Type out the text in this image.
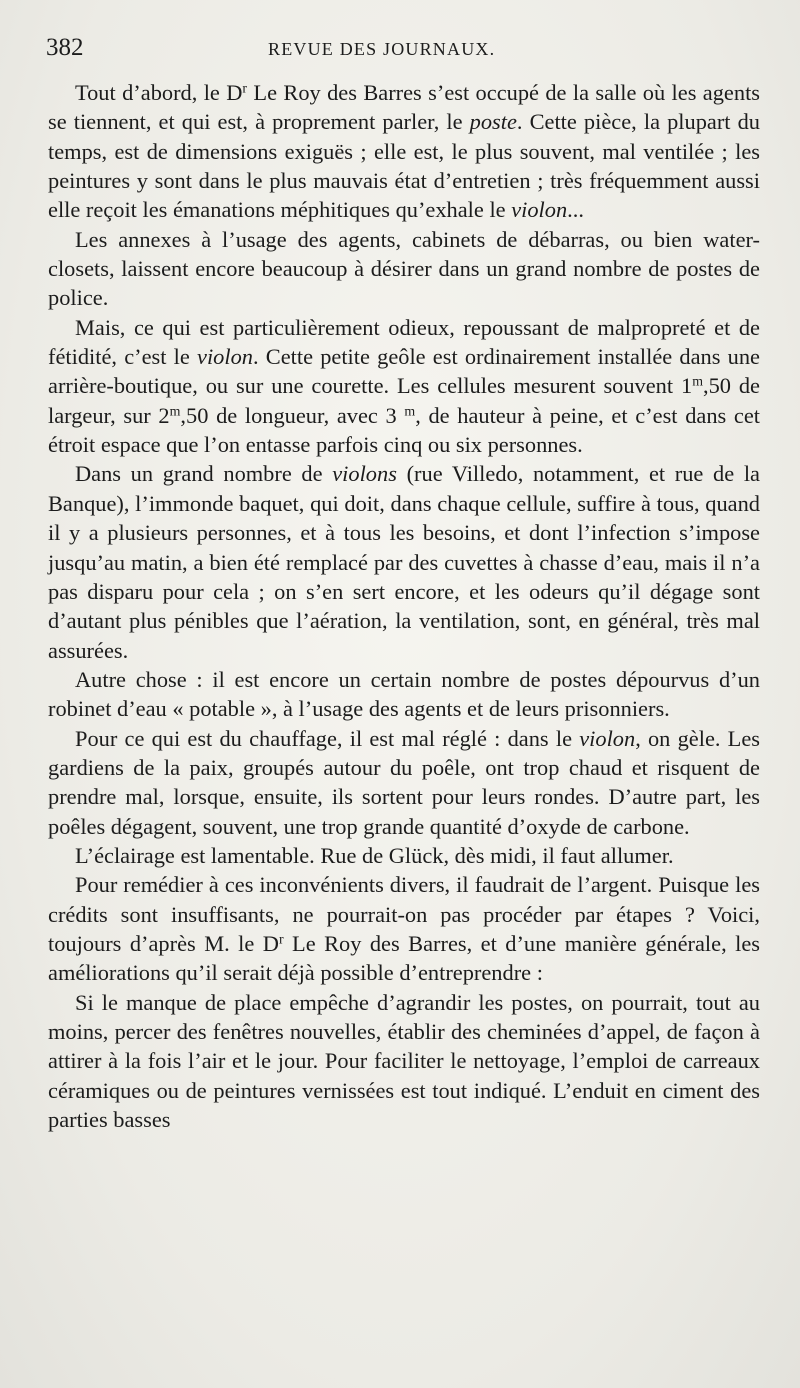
382	REVUE DES JOURNAUX.

Tout d’abord, le $D^r$ Le Roy des Barres s’est occupé de la salle où les agents se tiennent, et qui est, à proprement parler, le poste. Cette pièce, la plupart du temps, est de dimensions exiguës ; elle est, le plus souvent, mal ventilée ; les peintures y sont dans le plus mauvais état d’entretien ; très fréquemment aussi elle reçoit les émanations méphitiques qu’exhale le violon...

Les annexes à l’usage des agents, cabinets de débarras, ou bien water-closets, laissent encore beaucoup à désirer dans un grand nombre de postes de police.

Mais, ce qui est particulièrement odieux, repoussant de malpropreté et de fétidité, c’est le violon. Cette petite geôle est ordinairement installée dans une arrière-boutique, ou sur une courette. Les cellules mesurent souvent 1$^m$,50 de largeur, sur 2$^m$,50 de longueur, avec 3 $^m$, de hauteur à peine, et c’est dans cet étroit espace que l’on entasse parfois cinq ou six personnes.

Dans un grand nombre de violons (rue Villedo, notamment, et rue de la Banque), l’immonde baquet, qui doit, dans chaque cellule, suffire à tous, quand il y a plusieurs personnes, et à tous les besoins, et dont l’infection s’impose jusqu’au matin, a bien été remplacé par des cuvettes à chasse d’eau, mais il n’a pas disparu pour cela ; on s’en sert encore, et les odeurs qu’il dégage sont d’autant plus pénibles que l’aération, la ventilation, sont, en général, très mal assurées.

Autre chose : il est encore un certain nombre de postes dépourvus d’un robinet d’eau « potable », à l’usage des agents et de leurs prisonniers.

Pour ce qui est du chauffage, il est mal réglé : dans le violon, on gèle. Les gardiens de la paix, groupés autour du poêle, ont trop chaud et risquent de prendre mal, lorsque, ensuite, ils sortent pour leurs rondes. D’autre part, les poêles dégagent, souvent, une trop grande quantité d’oxyde de carbone.

L’éclairage est lamentable. Rue de Glück, dès midi, il faut allumer.

Pour remédier à ces inconvénients divers, il faudrait de l’argent. Puisque les crédits sont insuffisants, ne pourrait-on pas procéder par étapes ? Voici, toujours d’après M. le $D^r$ Le Roy des Barres, et d’une manière générale, les améliorations qu’il serait déjà possible d’entreprendre :

Si le manque de place empêche d’agrandir les postes, on pourrait, tout au moins, percer des fenêtres nouvelles, établir des cheminées d’appel, de façon à attirer à la fois l’air et le jour. Pour faciliter le nettoyage, l’emploi de carreaux céramiques ou de peintures vernissées est tout indiqué. L’enduit en ciment des parties basses
